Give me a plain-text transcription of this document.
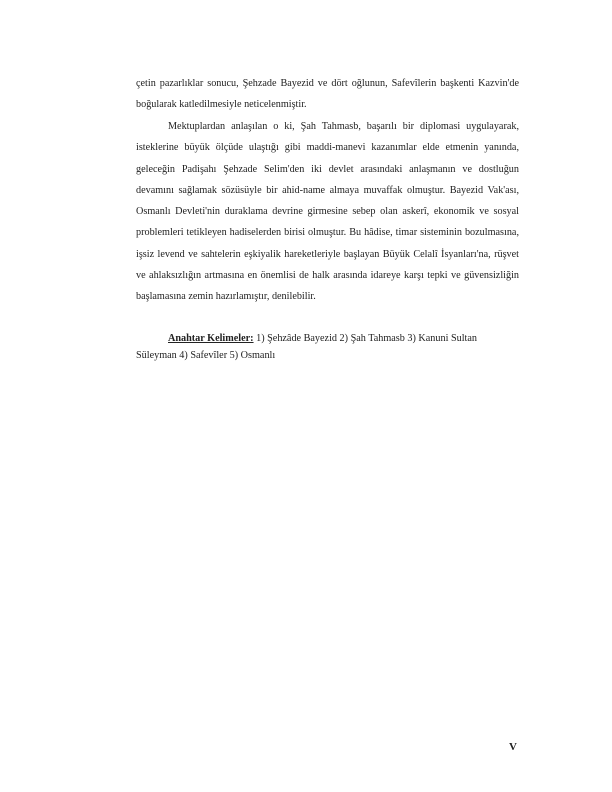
çetin pazarlıklar sonucu, Şehzade Bayezid ve dört oğlunun, Safevîlerin başkenti Kazvin'de boğularak katledilmesiyle neticelenmiştir.

Mektuplardan anlaşılan o ki, Şah Tahmasb, başarılı bir diplomasi uygulayarak, isteklerine büyük ölçüde ulaştığı gibi maddi-manevi kazanımlar elde etmenin yanında, geleceğin Padişahı Şehzade Selim'den iki devlet arasındaki anlaşmanın ve dostluğun devamını sağlamak sözüsüyle bir ahid-name almaya muvaffak olmuştur. Bayezid Vak'ası, Osmanlı Devleti'nin duraklama devrine girmesine sebep olan askerî, ekonomik ve sosyal problemleri tetikleyen hadiselerden birisi olmuştur. Bu hâdise, timar sisteminin bozulmasına, işsiz levend ve sahtelerin eşkiyalik hareketleriyle başlayan Büyük Celalî İsyanları'na, rüşvet ve ahlaksızlığın artmasına en önemlisi de halk arasında idareye karşı tepki ve güvensizliğin başlamasına zemin hazırlamıştır, denilebilir.

Anahtar Kelimeler: 1) Şehzâde Bayezid 2) Şah Tahmasb 3) Kanuni Sultan Süleyman 4) Safevîler 5) Osmanlı

V
